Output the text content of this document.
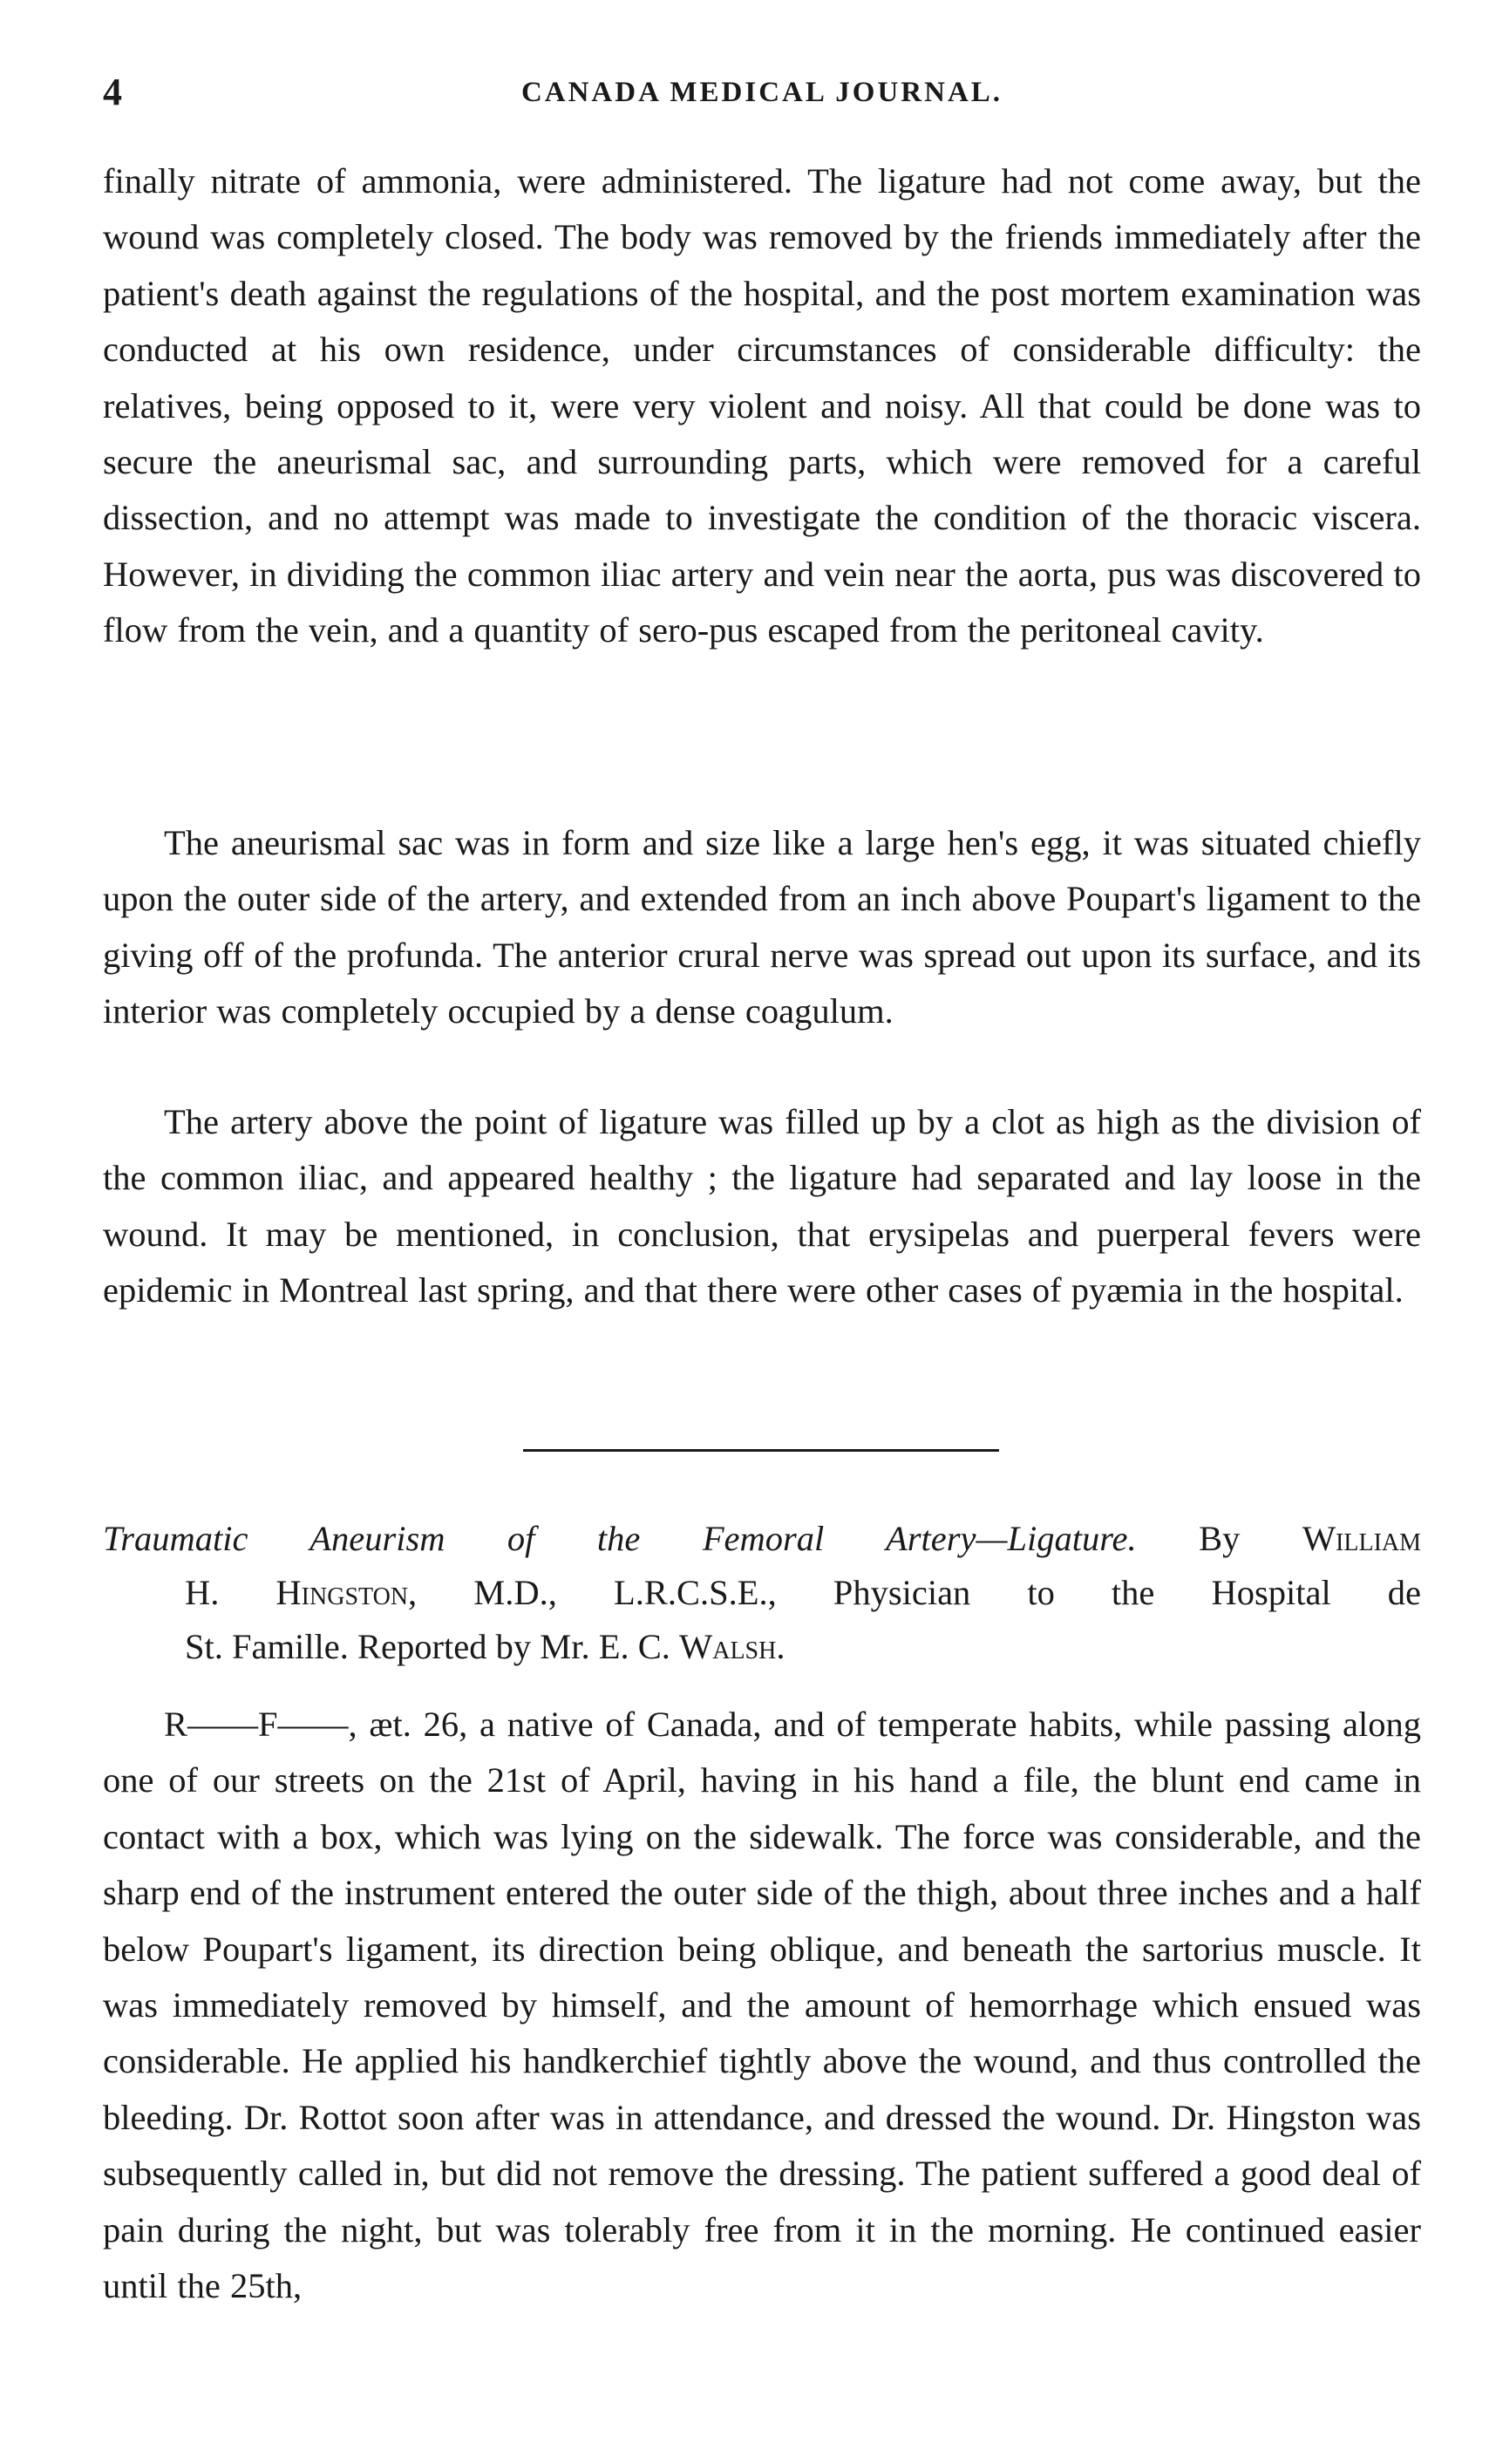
4	CANADA MEDICAL JOURNAL.

finally nitrate of ammonia, were administered. The ligature had not come away, but the wound was completely closed. The body was removed by the friends immediately after the patient's death against the regulations of the hospital, and the post mortem examination was conducted at his own residence, under circumstances of considerable difficulty: the relatives, being opposed to it, were very violent and noisy. All that could be done was to secure the aneurismal sac, and surrounding parts, which were removed for a careful dissection, and no attempt was made to investigate the condition of the thoracic viscera. However, in dividing the common iliac artery and vein near the aorta, pus was discovered to flow from the vein, and a quantity of sero-pus escaped from the peritoneal cavity.

The aneurismal sac was in form and size like a large hen's egg, it was situated chiefly upon the outer side of the artery, and extended from an inch above Poupart's ligament to the giving off of the profunda. The anterior crural nerve was spread out upon its surface, and its interior was completely occupied by a dense coagulum.

The artery above the point of ligature was filled up by a clot as high as the division of the common iliac, and appeared healthy ; the ligature had separated and lay loose in the wound. It may be mentioned, in conclusion, that erysipelas and puerperal fevers were epidemic in Montreal last spring, and that there were other cases of pyæmia in the hospital.

Traumatic Aneurism of the Femoral Artery—Ligature. By William
H. Hingston, M.D., L.R.C.S.E., Physician to the Hospital de
St. Famille. Reported by Mr. E. C. Walsh.

R——F——, æt. 26, a native of Canada, and of temperate habits, while passing along one of our streets on the 21st of April, having in his hand a file, the blunt end came in contact with a box, which was lying on the sidewalk. The force was considerable, and the sharp end of the instrument entered the outer side of the thigh, about three inches and a half below Poupart's ligament, its direction being oblique, and beneath the sartorius muscle. It was immediately removed by himself, and the amount of hemorrhage which ensued was considerable. He applied his handkerchief tightly above the wound, and thus controlled the bleeding. Dr. Rottot soon after was in attendance, and dressed the wound. Dr. Hingston was subsequently called in, but did not remove the dressing. The patient suffered a good deal of pain during the night, but was tolerably free from it in the morning. He continued easier until the 25th,
